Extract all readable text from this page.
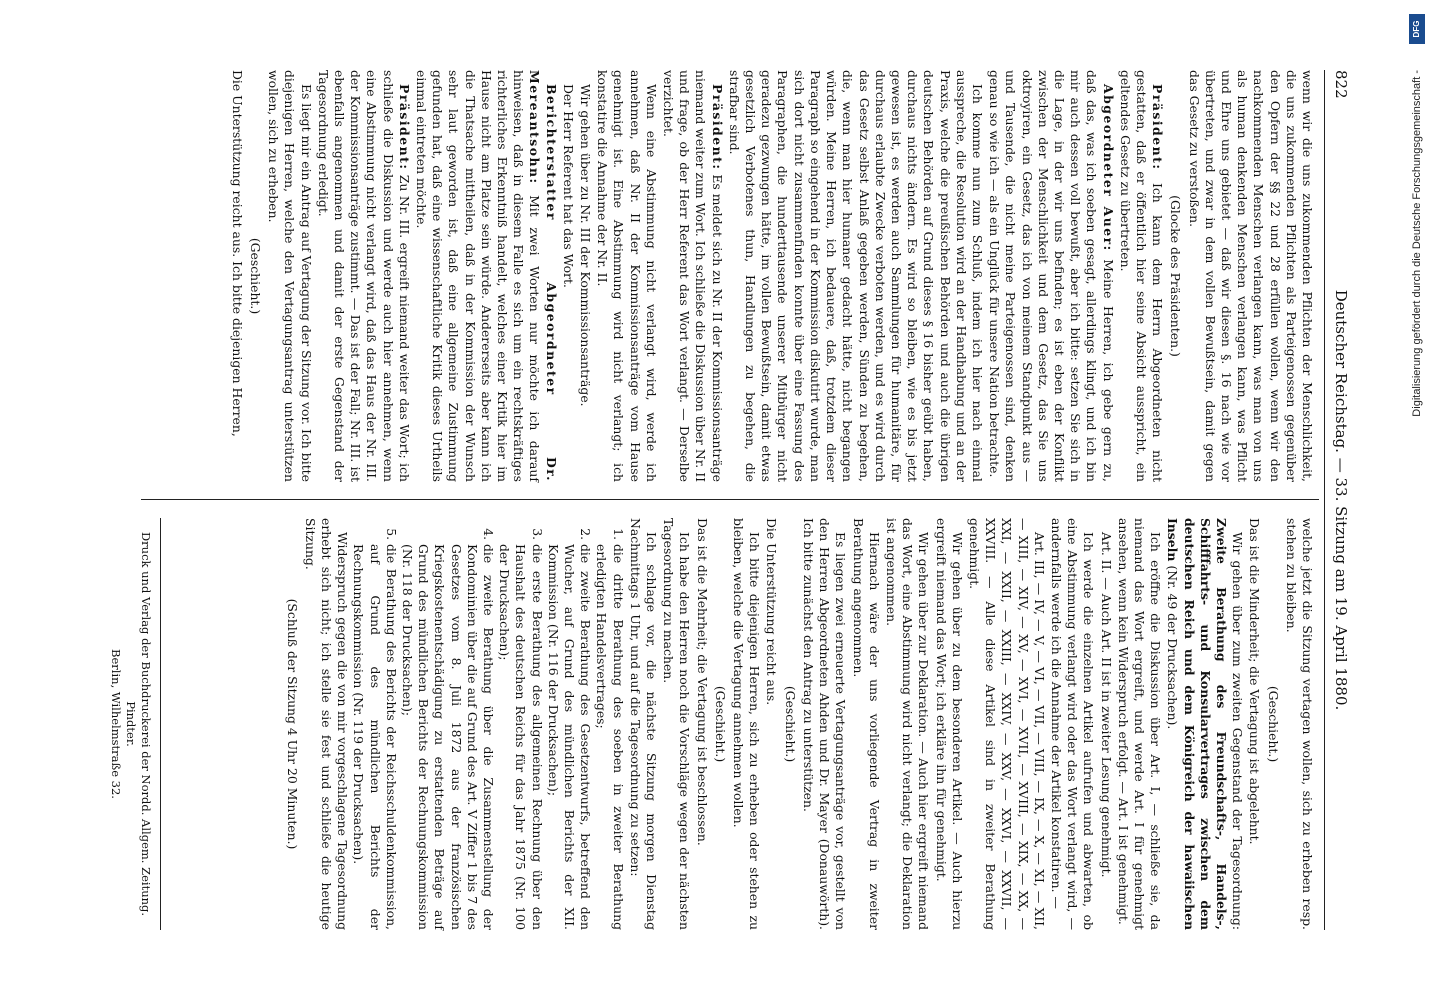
822
Deutscher Reichstag. — 33. Sitzung am 19. April 1880.

wenn wir die uns zukommenden Pflichten der Menschlichkeit, die uns zukommenden Pflichten als Parteigenossen gegenüber den Opfern der §§ 22 und 28 erfüllen wollen, wenn wir den nachkommenden Menschen verlangen kann, was man von uns als human denkenden Menschen verlangen kann, was Pflicht und Ehre uns gebietet — daß wir diesen §. 16 nach wie vor übertreten, und zwar in dem vollen Bewußtsein, damit gegen das Gesetz zu verstoßen.

(Glocke des Präsidenten.)

Präsident: Ich kann dem Herrn Abgeordneten nicht gestatten, daß er öffentlich hier seine Absicht ausspricht, ein geltendes Gesetz zu übertreten.

Abgeordneter Auer: Meine Herren, ich gebe gern zu, daß das, was ich soeben gesagt, allerdings klingt, und ich bin mir auch dessen voll bewußt, aber ich bitte: setzen Sie sich in die Lage, in der wir uns befinden; es ist eben der Konflikt zwischen der Menschlichkeit und dem Gesetz, das Sie uns oktroyiren, ein Gesetz, das ich von meinem Standpunkt aus — und Tausende, die nicht meine Parteigenossen sind, denken genau so wie ich — als ein Unglück für unsere Nation betrachte.

Ich komme nun zum Schluß, indem ich hier nach einmal ausspreche, die Resolution wird an der Handhabung und an der Praxis, welche die preußischen Behörden und auch die übrigen deutschen Behörden auf Grund dieses § 16 bisher geübt haben, durchaus nichts ändern. Es wird so bleiben, wie es bis jetzt gewesen ist, es werden auch Sammlungen für humanitäre, für durchaus erlaubte Zwecke verboten werden, und es wird durch das Gesetz selbst Anlaß gegeben werden, Sünden zu begehen, die, wenn man hier humaner gedacht hätte, nicht begangen würden. Meine Herren, ich bedauere, daß, trotzdem dieser Paragraph so eingehend in der Kommission diskutirt wurde, man sich dort nicht zusammenfinden konnte über eine Fassung des Paragraphen, die hunderttausende unserer Mitbürger nicht geradezu gezwungen hätte, im vollen Bewußtsein, damit etwas gesetzlich Verbotenes thun, Handlungen zu begehen, die strafbar sind.

Präsident: Es meldet sich zu Nr. II der Kommissionsanträge niemand weiter zum Wort. Ich schließe die Diskussion über Nr. II und frage, ob der Herr Referent das Wort verlangt. — Derselbe verzichtet.

Wenn eine Abstimmung nicht verlangt wird, werde ich annehmen, daß Nr. II der Kommissionsanträge vom Hause genehmigt ist. Eine Abstimmung wird nicht verlangt; ich konstatire die Annahme der Nr. II.

Wir gehen über zu Nr. III der Kommissionsanträge.

Der Herr Referent hat das Wort.

Berichterstatter Abgeordneter Dr. Mereantsohn: Mit zwei Worten nur möchte ich darauf hinweisen, daß in diesem Falle es sich um ein rechtskräftiges richterliches Erkenntniß handelt, welches einer Kritik hier im Hause nicht am Platze sein würde. Andererseits aber kann ich die Thatsache mittheilen, daß in der Kommission der Wunsch sehr laut geworden ist, daß eine allgemeine Zustimmung gefunden hat, daß eine wissenschaftliche Kritik dieses Urtheils einmal eintreten möchte.

Präsident: Zu Nr. III. ergreift niemand weiter das Wort; ich schließe die Diskussion und werde auch hier annehmen, wenn eine Abstimmung nicht verlangt wird, daß das Haus der Nr. III. der Kommissionsanträge zustimmt. — Das ist der Fall; Nr. III. ist ebenfalls angenommen und damit der erste Gegenstand der Tagesordnung erledigt.

Es liegt mir ein Antrag auf Vertagung der Sitzung vor. Ich bitte diejenigen Herren, welche den Vertagungsantrag unterstützen wollen, sich zu erheben.

(Geschieht.)

Die Unterstützung reicht aus. Ich bitte diejenigen Herren,

welche jetzt die Sitzung vertagen wollen, sich zu erheben resp. stehen zu bleiben.

(Geschieht.)

Das ist die Minderheit; die Vertagung ist abgelehnt.

Wir gehen über zum zweiten Gegenstand der Tagesordnung: Zweite Berathung des Freundschafts-, Handels-, Schifffahrts- und Konsularvertrages zwischen dem deutschen Reich und dem Königreich der hawaiischen Inseln (Nr. 49 der Drucksachen).

Ich eröffne die Diskussion über Art. I, — schließe sie, da niemand das Wort ergreift, und werde Art. I für genehmigt ansehen, wenn kein Widerspruch erfolgt. — Art. I ist genehmigt.

Art. II. — Auch Art. II ist in zweiter Lesung genehmigt.

Ich werde die einzelnen Artikel aufrufen und abwarten, ob eine Abstimmung verlangt wird oder das Wort verlangt wird, — andernfalls werde ich die Annahme der Artikel konstatiren. —

Art. III, — IV, — V, — VI, — VII, — VIII, — IX, — X, — XI, — XII, — XIII, — XIV, — XV, — XVI, — XVII, — XVIII, — XIX, — XX, — XXI, — XXII, — XXIII, — XXIV, — XXV, — XXVI, — XXVII, — XXVIII. — Alle diese Artikel sind in zweiter Berathung genehmigt.

Wir gehen über zu dem besonderen Artikel. — Auch hierzu ergreift niemand das Wort; ich erkläre ihn für genehmigt.

Wir gehen über zur Deklaration. — Auch hier ergreift niemand das Wort, eine Abstimmung wird nicht verlangt; die Deklaration ist angenommen.

Hiernach wäre der uns vorliegende Vertrag in zweiter Berathung angenommen.

Es liegen zwei erneuerte Vertagungsanträge vor, gestellt von den Herren Abgeordneten Ahden und Dr. Mayer (Donauwörth). Ich bitte zunächst den Antrag zu unterstützen.

(Geschieht.)

Die Unterstützung reicht aus.

Ich bitte diejenigen Herren, sich zu erheben oder stehen zu bleiben, welche die Vertagung annehmen wollen.

(Geschieht.)

Das ist die Mehrheit; die Vertagung ist beschlossen.

Ich habe den Herren noch die Vorschläge wegen der nächsten Tagesordnung zu machen.

Ich schlage vor, die nächste Sitzung morgen Dienstag Nachmittags 1 Uhr, und auf die Tagesordnung zu setzen:

1. die dritte Berathung des soeben in zweiter Berathung erledigten Handelsvertrages;
2. die zweite Berathung des Gesetzentwurfs, betreffend den Wucher, auf Grund des mündlichen Berichts der XII. Kommission (Nr. 116 der Drucksachen);
3. die erste Berathung des allgemeinen Rechnung über den Haushalt des deutschen Reichs für das Jahr 1875 (Nr. 100 der Drucksachen);
4. die zweite Berathung über die Zusammenstellung der Kondominien über die auf Grund des Art. V Ziffer 1 bis 7 des Gesetzes vom 8. Juli 1872 aus der französischen Kriegskostenentschädigung zu erstattenden Beträge auf Grund des mündlichen Berichts der Rechnungskommission (Nr. 118 der Drucksachen);
5. die Berathung des Berichts der Reichsschuldenkommission, auf Grund des mündlichen Berichts der Rechnungskommission (Nr. 119 der Drucksachen).

Widerspruch gegen die von mir vorgeschlagene Tagesordnung erhebt sich nicht; ich stelle sie fest und schließe die heutige Sitzung.

(Schluß der Sitzung 4 Uhr 20 Minuten.)

Druck und Verlag der Buchdruckerei der Nordd. Allgem. Zeitung. Pindter.
Berlin, Wilhelmstraße 32.
DFG
Digitalisierung gefördert durch die Deutsche Forschungsgemeinschaft -
